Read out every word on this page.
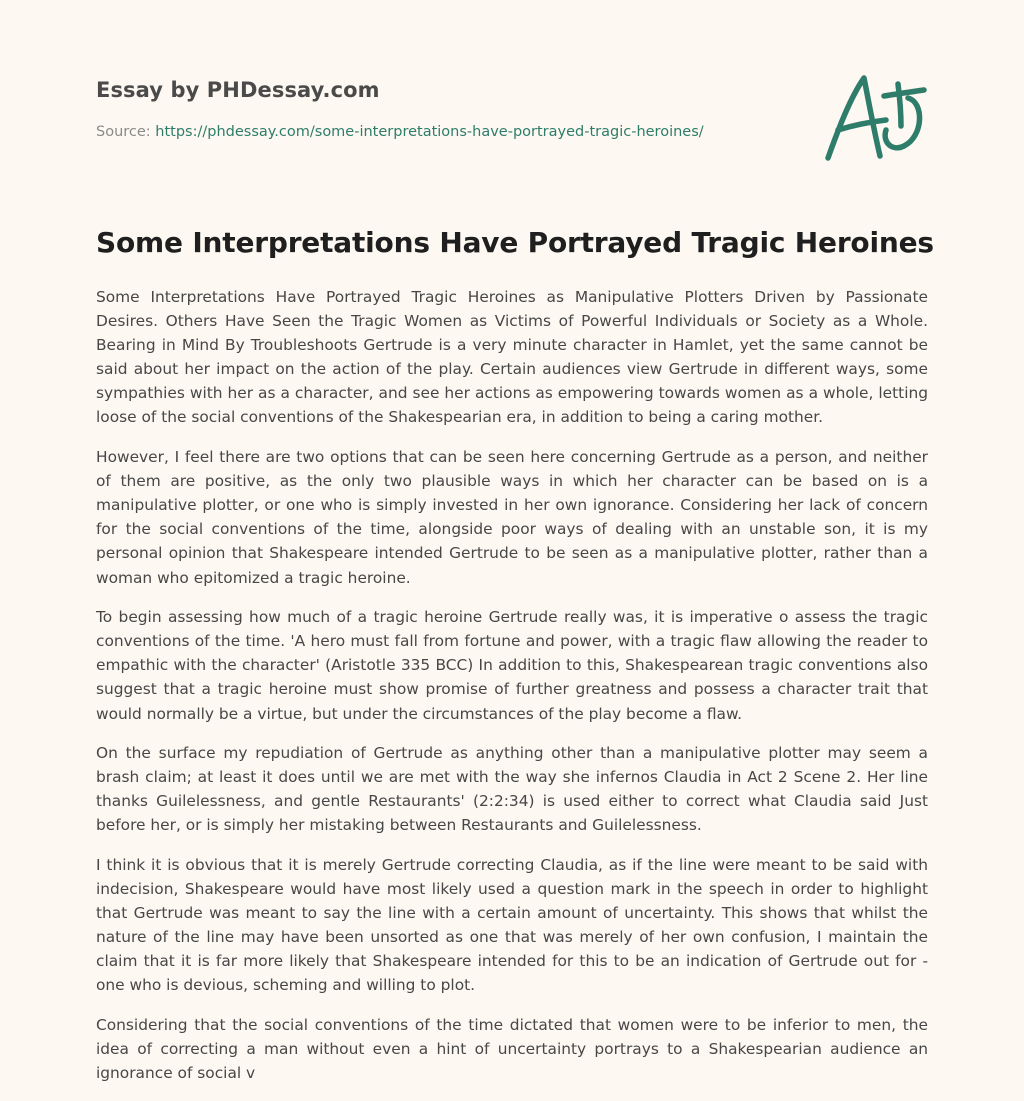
Essay by PHDessay.com
Source: https://phdessay.com/some-interpretations-have-portrayed-tragic-heroines/
Some Interpretations Have Portrayed Tragic Heroines

Some Interpretations Have Portrayed Tragic Heroines as Manipulative Plotters Driven by Passionate Desires. Others Have Seen the Tragic Women as Victims of Powerful Individuals or Society as a Whole. Bearing in Mind By Troubleshoots Gertrude is a very minute character in Hamlet, yet the same cannot be said about her impact on the action of the play. Certain audiences view Gertrude in different ways, some sympathies with her as a character, and see her actions as empowering towards women as a whole, letting loose of the social conventions of the Shakespearian era, in addition to being a caring mother.

However, I feel there are two options that can be seen here concerning Gertrude as a person, and neither of them are positive, as the only two plausible ways in which her character can be based on is a manipulative plotter, or one who is simply invested in her own ignorance. Considering her lack of concern for the social conventions of the time, alongside poor ways of dealing with an unstable son, it is my personal opinion that Shakespeare intended Gertrude to be seen as a manipulative plotter, rather than a woman who epitomized a tragic heroine.

To begin assessing how much of a tragic heroine Gertrude really was, it is imperative o assess the tragic conventions of the time. 'A hero must fall from fortune and power, with a tragic flaw allowing the reader to empathic with the character' (Aristotle 335 BCC) In addition to this, Shakespearean tragic conventions also suggest that a tragic heroine must show promise of further greatness and possess a character trait that would normally be a virtue, but under the circumstances of the play become a flaw.

On the surface my repudiation of Gertrude as anything other than a manipulative plotter may seem a brash claim; at least it does until we are met with the way she infernos Claudia in Act 2 Scene 2. Her line thanks Guilelessness, and gentle Restaurants' (2:2:34) is used either to correct what Claudia said Just before her, or is simply her mistaking between Restaurants and Guilelessness.

I think it is obvious that it is merely Gertrude correcting Claudia, as if the line were meant to be said with indecision, Shakespeare would have most likely used a question mark in the speech in order to highlight that Gertrude was meant to say the line with a certain amount of uncertainty. This shows that whilst the nature of the line may have been unsorted as one that was merely of her own confusion, I maintain the claim that it is far more likely that Shakespeare intended for this to be an indication of Gertrude out for - one who is devious, scheming and willing to plot.

Considering that the social conventions of the time dictated that women were to be inferior to men, the idea of correcting a man without even a hint of uncertainty portrays to a Shakespearian audience an ignorance of social v
